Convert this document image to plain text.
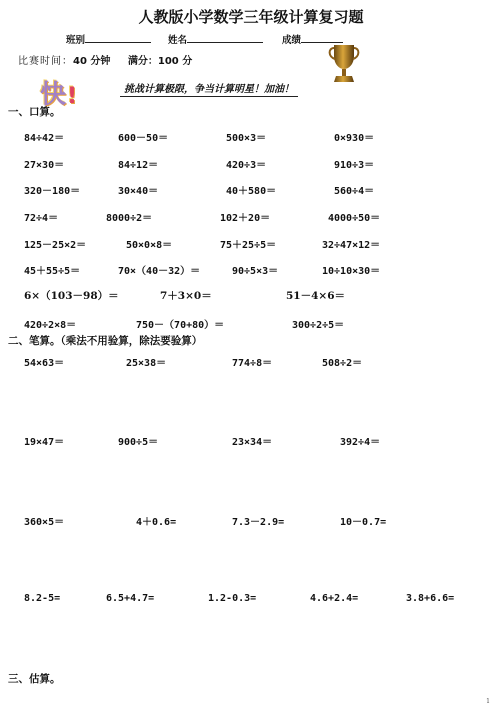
人教版小学数学三年级计算复习题
班别	姓名	成绩
比赛时间：40 分钟 满分：100 分
快!	挑战计算极限，争当计算明星！加油！
一、口算。
84÷42＝	600－50＝	500×3＝	0×930＝
27×30＝	84÷12＝	420÷3＝	910÷3＝
320－180＝	30×40＝	40＋580＝	560÷4＝
72÷4＝	8000÷2＝	102＋20＝	4000÷50＝
125－25×2＝	50×0×8＝	75＋25÷5＝	32÷47×12＝
45＋55÷5＝	70×（40－32）＝	90÷5×3＝	10÷10×30＝
6×（103－98）＝	7＋3×0＝	51－4×6＝
420÷2×8＝	750－（70+80）＝	300÷2÷5＝
二、笔算。（乘法不用验算，除法要验算）
54×63＝	25×38＝	774÷8＝	508÷2＝
19×47＝	900÷5＝	23×34＝	392÷4＝
360×5＝	4＋0.6=	7.3－2.9=	10－0.7=
8.2-5=	6.5+4.7=	1.2-0.3=	4.6+2.4=	3.8+6.6=
三、估算。
1
